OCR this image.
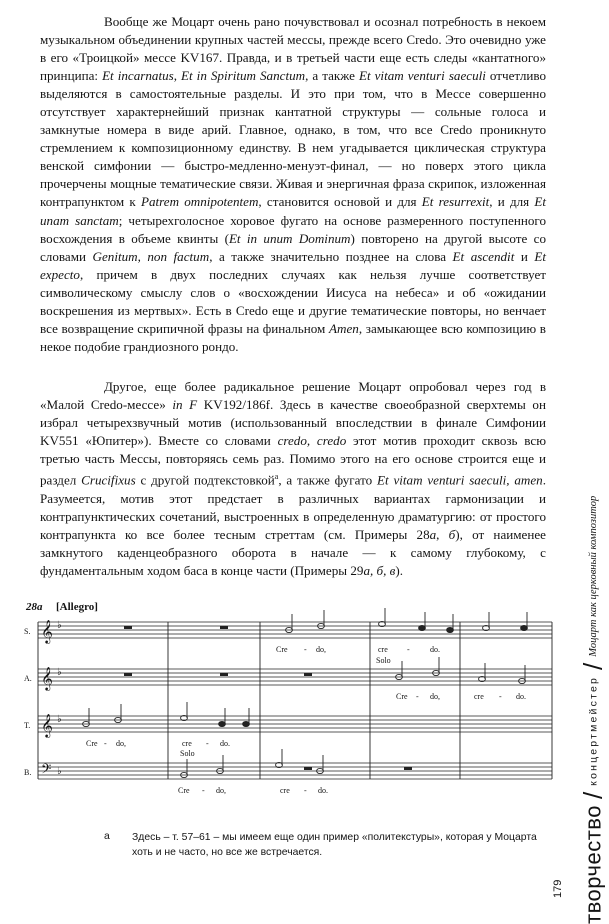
Вообще же Моцарт очень рано почувствовал и осознал потребность в некоем музыкальном объединении крупных частей мессы, прежде всего Credo. Это очевидно уже в его «Троицкой» мессе KV167. Правда, и в третьей части еще есть следы «кантатного» принципа: Et incarnatus, Et in Spiritum Sanctum, а также Et vitam venturi saeculi отчетливо выделяются в самостоятельные разделы. И это при том, что в Мессе совершенно отсутствует характернейший признак кантатной структуры — сольные голоса и замкнутые номера в виде арий. Главное, однако, в том, что все Credo проникнуто стремлением к композиционному единству. В нем угадывается циклическая структура венской симфонии — быстро-медленно-менуэт-финал, — но поверх этого цикла прочерчены мощные тематические связи. Живая и энергичная фраза скрипок, изложенная контрапунктом к Patrem omnipotentem, становится основой и для Et resurrexit, и для Et unam sanctam; четырехголосное хоровое фугато на основе размеренного поступенного восхождения в объеме квинты (Et in unum Dominum) повторено на другой высоте со словами Genitum, non factum, а также значительно позднее на слова Et ascendit и Et expecto, причем в двух последних случаях как нельзя лучше соответствует символическому смыслу слов о «восхождении Иисуса на небеса» и об «ожидании воскрешения из мертвых». Есть в Credo еще и другие тематические повторы, но венчает все возвращение скрипичной фразы на финальном Amen, замыкающее всю композицию в некое подобие грандиозного рондо.

Другое, еще более радикальное решение Моцарт опробовал через год в «Малой Credo-мессе» in F KV192/186f. Здесь в качестве своеобразной сверхтемы он избрал четырехзвучный мотив (использованный впоследствии в финале Симфонии KV551 «Юпитер»). Вместе со словами credo, credo этот мотив проходит сквозь всю третью часть Мессы, повторяясь семь раз. Помимо этого на его основе строится еще и раздел Crucifixus с другой подтекстовкой$^а$, а также фугато Et vitam venturi saeculi, amen. Разумеется, мотив этот предстает в различных вариантах гармонизации и контрапунктических сочетаний, выстроенных в определенную драматургию: от простого контрапункта ко все более тесным стреттам (см. Примеры 28а, б), от наименее замкнутого каденцеобразного оборота в начале — к самому глубокому, с фундаментальным ходом баса в конце части (Примеры 29а, б, в).

28a [Allegro]
S.
A.
T.
B.
𝄞
𝄞
𝄞
𝄢
♭
♭
♭
♭
Cre - do,	cre -	do.
Solo
Cre - do,	cre - do.
Cre - do,	cre - do.
Solo
Cre - do,	cre - do.
а Здесь – т. 57–61 – мы имеем еще один пример «политекстуры», которая у Моцарта хоть и не часто, но все же встречается.

179 творчество/концертмейстер/Моцарт как церковный композитор
